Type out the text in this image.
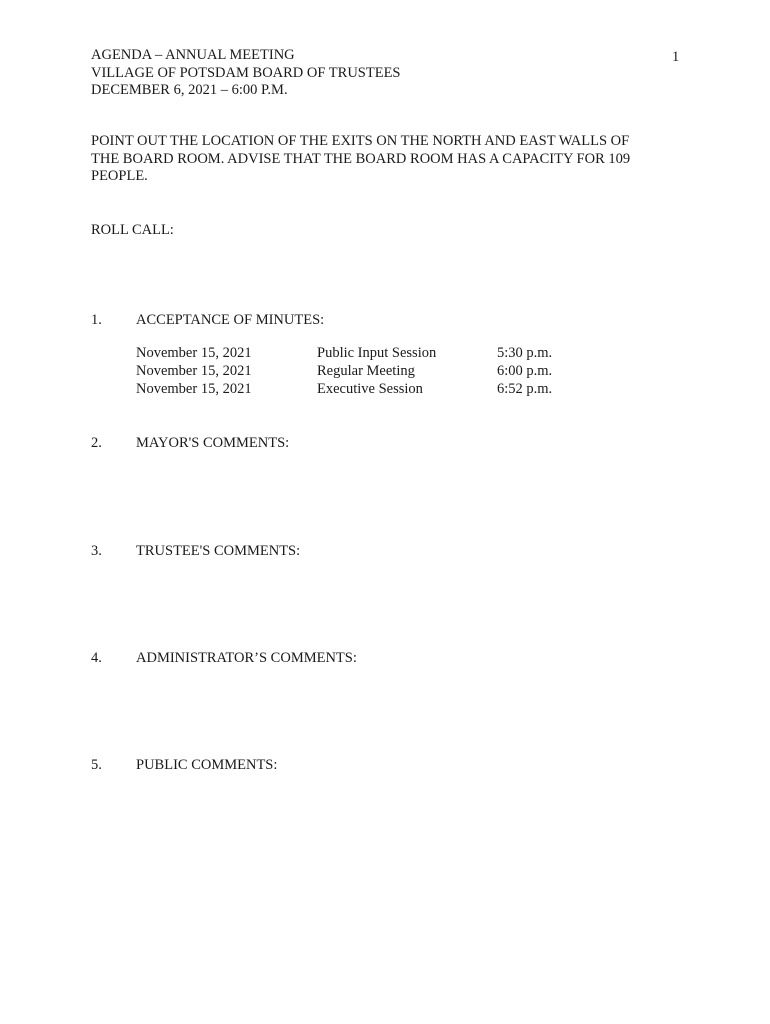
AGENDA – ANNUAL MEETING
VILLAGE OF POTSDAM BOARD OF TRUSTEES
DECEMBER 6, 2021 – 6:00 P.M.
1
POINT OUT THE LOCATION OF THE EXITS ON THE NORTH AND EAST WALLS OF
THE BOARD ROOM. ADVISE THAT THE BOARD ROOM HAS A CAPACITY FOR 109
PEOPLE.
ROLL CALL:
1. ACCEPTANCE OF MINUTES:
November 15, 2021	Public Input Session	5:30 p.m.
November 15, 2021	Regular Meeting	6:00 p.m.
November 15, 2021	Executive Session	6:52 p.m.
2. MAYOR'S COMMENTS:
3. TRUSTEE'S COMMENTS:
4. ADMINISTRATOR’S COMMENTS:
5. PUBLIC COMMENTS:
